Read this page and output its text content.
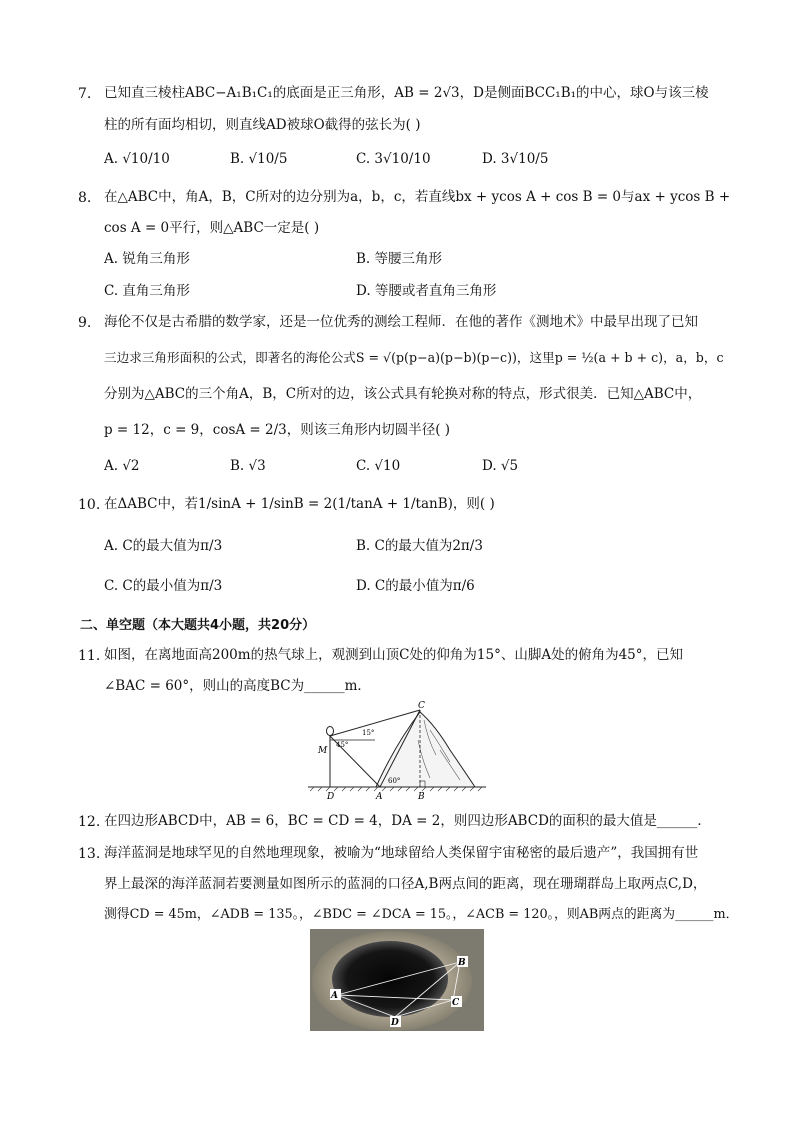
7. 已知直三棱柱ABC−A₁B₁C₁的底面是正三角形，AB = 2√3，D是侧面BCC₁B₁的中心，球O与该三棱
柱的所有面均相切，则直线AD被球O截得的弦长为( )
A. √10/10	B. √10/5	C. 3√10/10	D. 3√10/5
8. 在△ABC中，角A，B，C所对的边分别为a，b，c，若直线bx + ycos A + cos B = 0与ax + ycos B +
cos A = 0平行，则△ABC一定是( )
A. 锐角三角形	B. 等腰三角形
C. 直角三角形	D. 等腰或者直角三角形
9. 海伦不仅是古希腊的数学家，还是一位优秀的测绘工程师．在他的著作《测地术》中最早出现了已知
三边求三角形面积的公式，即著名的海伦公式S = √(p(p−a)(p−b)(p−c))，这里p = ½(a + b + c)，a，b，c
分别为△ABC的三个角A，B，C所对的边，该公式具有轮换对称的特点，形式很美．已知△ABC中，
p = 12，c = 9，cosA = 2/3，则该三角形内切圆半径( )
A. √2	B. √3	C. √10	D. √5
10. 在ΔABC中，若1/sinA + 1/sinB = 2(1/tanA + 1/tanB)，则( )
A. C的最大值为π/3	B. C的最大值为2π/3
C. C的最小值为π/3	D. C的最小值为π/6
二、单空题（本大题共4小题，共20分）
11. 如图，在离地面高200m的热气球上，观测到山顶C处的仰角为15°、山脚A处的俯角为45°，已知
∠BAC = 60°，则山的高度BC为______m．
C
M
D	A	B
45°
15°
60°
12. 在四边形ABCD中，AB = 6，BC = CD = 4，DA = 2，则四边形ABCD的面积的最大值是______．
13. 海洋蓝洞是地球罕见的自然地理现象，被喻为“地球留给人类保留宇宙秘密的最后遗产”，我国拥有世
界上最深的海洋蓝洞若要测量如图所示的蓝洞的口径A,B两点间的距离，现在珊瑚群岛上取两点C,D，
测得CD = 45m，∠ADB = 135。，∠BDC = ∠DCA = 15。，∠ACB = 120。，则AB两点的距离为______m．
A
B
C
D
